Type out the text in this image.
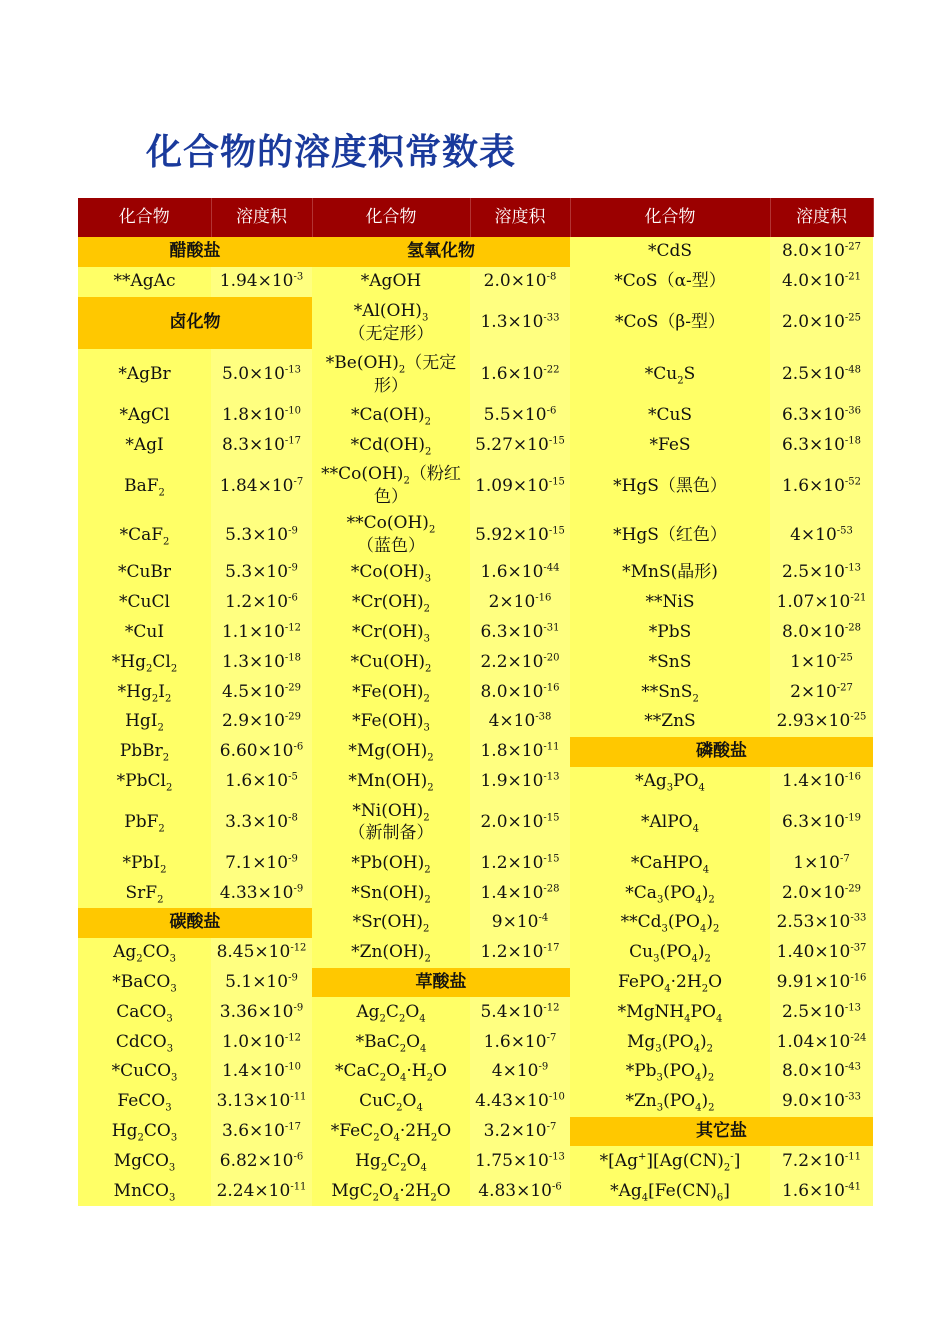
化合物的溶度积常数表
化合物	溶度积	化合物	溶度积	化合物	溶度积
醋酸盐		氢氧化物		*CdS	$8.0\times 10^{-27}$
**AgAc	$1.94\times 10^{-3}$	*AgOH	$2.0\times 10^{-8}$	*CoS（α-型）	$4.0\times 10^{-21}$
卤化物		$*Al(OH)_3$（无定形）	$1.3\times 10^{-33}$	*CoS（β-型）	$2.0\times 10^{-25}$
*AgBr	$5.0\times 10^{-13}$	$*Be(OH)_2$（无定形）	$1.6\times 10^{-22}$	$*Cu_2S$	$2.5\times 10^{-48}$
*AgCl	$1.8\times 10^{-10}$	$*Ca(OH)_2$	$5.5\times 10^{-6}$	*CuS	$6.3\times 10^{-36}$
*AgI	$8.3\times 10^{-17}$	$*Cd(OH)_2$	$5.27\times 10^{-15}$	*FeS	$6.3\times 10^{-18}$
BaF$_2$	$1.84\times 10^{-7}$	$**Co(OH)_2$（粉红色）	$1.09\times 10^{-15}$	*HgS（黑色）	$1.6\times 10^{-52}$
*CaF$_2$	$5.3\times 10^{-9}$	$**Co(OH)_2$（蓝色）	$5.92\times 10^{-15}$	*HgS（红色）	$4\times 10^{-53}$
*CuBr	$5.3\times 10^{-9}$	$*Co(OH)_3$	$1.6\times 10^{-44}$	*MnS(晶形)	$2.5\times 10^{-13}$
*CuCl	$1.2\times 10^{-6}$	$*Cr(OH)_2$	$2\times 10^{-16}$	**NiS	$1.07\times 10^{-21}$
*CuI	$1.1\times 10^{-12}$	$*Cr(OH)_3$	$6.3\times 10^{-31}$	*PbS	$8.0\times 10^{-28}$
$*Hg_2Cl_2$	$1.3\times 10^{-18}$	$*Cu(OH)_2$	$2.2\times 10^{-20}$	*SnS	$1\times 10^{-25}$
$*Hg_2I_2$	$4.5\times 10^{-29}$	$*Fe(OH)_2$	$8.0\times 10^{-16}$	**SnS$_2$	$2\times 10^{-27}$
HgI$_2$	$2.9\times 10^{-29}$	$*Fe(OH)_3$	$4\times 10^{-38}$	**ZnS	$2.93\times 10^{-25}$
PbBr$_2$	$6.60\times 10^{-6}$	$*Mg(OH)_2$	$1.8\times 10^{-11}$	磷酸盐	
*PbCl$_2$	$1.6\times 10^{-5}$	$*Mn(OH)_2$	$1.9\times 10^{-13}$	$*Ag_3PO_4$	$1.4\times 10^{-16}$
PbF$_2$	$3.3\times 10^{-8}$	$*Ni(OH)_2$（新制备）	$2.0\times 10^{-15}$	*AlPO$_4$	$6.3\times 10^{-19}$
*PbI$_2$	$7.1\times 10^{-9}$	$*Pb(OH)_2$	$1.2\times 10^{-15}$	*CaHPO$_4$	$1\times 10^{-7}$
SrF$_2$	$4.33\times 10^{-9}$	$*Sn(OH)_2$	$1.4\times 10^{-28}$	$*Ca_3(PO_4)_2$	$2.0\times 10^{-29}$
碳酸盐		$*Sr(OH)_2$	$9\times 10^{-4}$	$**Cd_3(PO_4)_2$	$2.53\times 10^{-33}$
$Ag_2CO_3$	$8.45\times 10^{-12}$	$*Zn(OH)_2$	$1.2\times 10^{-17}$	$Cu_3(PO_4)_2$	$1.40\times 10^{-37}$
*BaCO$_3$	$5.1\times 10^{-9}$	草酸盐		$FePO_4\cdot 2H_2O$	$9.91\times 10^{-16}$
CaCO$_3$	$3.36\times 10^{-9}$	$Ag_2C_2O_4$	$5.4\times 10^{-12}$	$*MgNH_4PO_4$	$2.5\times 10^{-13}$
CdCO$_3$	$1.0\times 10^{-12}$	$*BaC_2O_4$	$1.6\times 10^{-7}$	$Mg_3(PO_4)_2$	$1.04\times 10^{-24}$
*CuCO$_3$	$1.4\times 10^{-10}$	$*CaC_2O_4\cdot H_2O$	$4\times 10^{-9}$	$*Pb_3(PO_4)_2$	$8.0\times 10^{-43}$
FeCO$_3$	$3.13\times 10^{-11}$	$CuC_2O_4$	$4.43\times 10^{-10}$	$*Zn_3(PO_4)_2$	$9.0\times 10^{-33}$
$Hg_2CO_3$	$3.6\times 10^{-17}$	$*FeC_2O_4\cdot 2H_2O$	$3.2\times 10^{-7}$	其它盐	
MgCO$_3$	$6.82\times 10^{-6}$	$Hg_2C_2O_4$	$1.75\times 10^{-13}$	$*[Ag^+][Ag(CN)_2^-]$	$7.2\times 10^{-11}$
MnCO$_3$	$2.24\times 10^{-11}$	$MgC_2O_4\cdot 2H_2O$	$4.83\times 10^{-6}$	$*Ag_4[Fe(CN)_6]$	$1.6\times 10^{-41}$
